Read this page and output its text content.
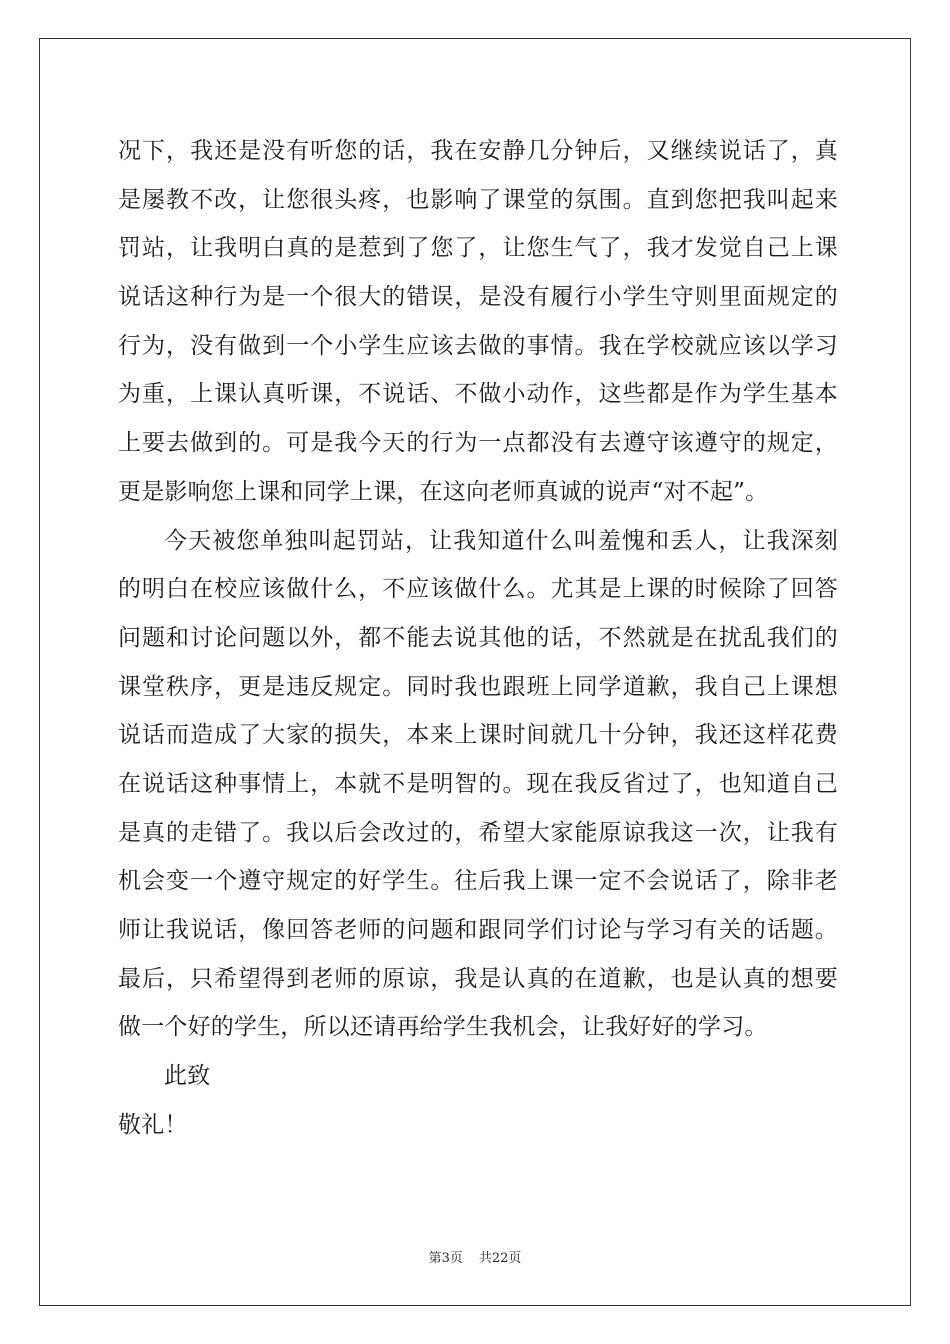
况下，我还是没有听您的话，我在安静几分钟后，又继续说话了，真
是屡教不改，让您很头疼，也影响了课堂的氛围。直到您把我叫起来
罚站，让我明白真的是惹到了您了，让您生气了，我才发觉自己上课
说话这种行为是一个很大的错误，是没有履行小学生守则里面规定的
行为，没有做到一个小学生应该去做的事情。我在学校就应该以学习
为重，上课认真听课，不说话、不做小动作，这些都是作为学生基本
上要去做到的。可是我今天的行为一点都没有去遵守该遵守的规定，
更是影响您上课和同学上课，在这向老师真诚的说声“对不起”。
今天被您单独叫起罚站，让我知道什么叫羞愧和丢人，让我深刻
的明白在校应该做什么，不应该做什么。尤其是上课的时候除了回答
问题和讨论问题以外，都不能去说其他的话，不然就是在扰乱我们的
课堂秩序，更是违反规定。同时我也跟班上同学道歉，我自己上课想
说话而造成了大家的损失，本来上课时间就几十分钟，我还这样花费
在说话这种事情上，本就不是明智的。现在我反省过了，也知道自己
是真的走错了。我以后会改过的，希望大家能原谅我这一次，让我有
机会变一个遵守规定的好学生。往后我上课一定不会说话了，除非老
师让我说话，像回答老师的问题和跟同学们讨论与学习有关的话题。
最后，只希望得到老师的原谅，我是认真的在道歉，也是认真的想要
做一个好的学生，所以还请再给学生我机会，让我好好的学习。
此致
敬礼！
第3页 共22页
